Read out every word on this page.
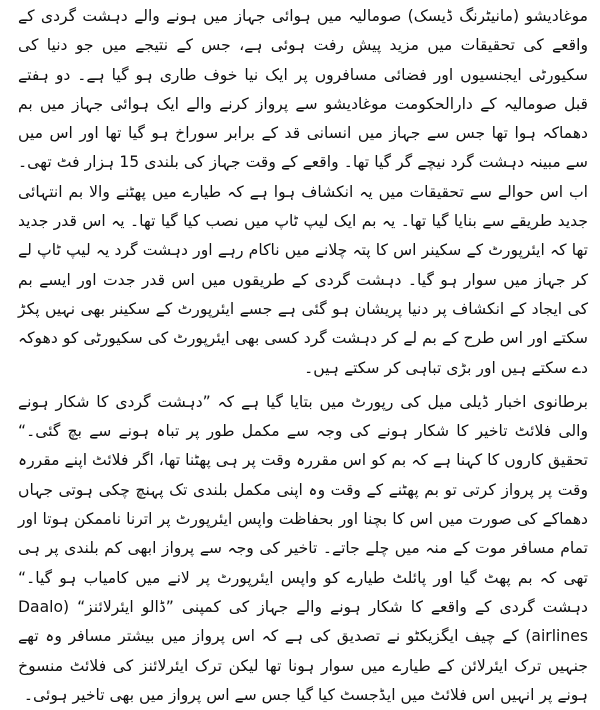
موغادیشو (مانیٹرنگ ڈیسک) صومالیہ میں ہوائی جہاز میں ہونے والے دہشت گردی کے واقعے کی تحقیقات میں مزید پیش رفت ہوئی ہے، جس کے نتیجے میں جو دنیا کی سکیورٹی ایجنسیوں اور فضائی مسافروں پر ایک نیا خوف طاری ہو گیا ہے۔ دو ہفتے قبل صومالیہ کے دارالحکومت موغادیشو سے پرواز کرنے والے ایک ہوائی جہاز میں بم دھماکہ ہوا تھا جس سے جہاز میں انسانی قد کے برابر سوراخ ہو گیا تھا اور اس میں سے مبینہ دہشت گرد نیچے گر گیا تھا۔ واقعے کے وقت جہاز کی بلندی 15 ہزار فٹ تھی۔ اب اس حوالے سے تحقیقات میں یہ انکشاف ہوا ہے کہ طیارے میں پھٹنے والا بم انتہائی جدید طریقے سے بنایا گیا تھا۔ یہ بم ایک لیپ ٹاپ میں نصب کیا گیا تھا۔ یہ اس قدر جدید تھا کہ ایئرپورٹ کے سکینر اس کا پتہ چلانے میں ناکام رہے اور دہشت گرد یہ لیپ ٹاپ لے کر جہاز میں سوار ہو گیا۔ دہشت گردی کے طریقوں میں اس قدر جدت اور ایسے بم کی ایجاد کے انکشاف پر دنیا پریشان ہو گئی ہے جسے ایئرپورٹ کے سکینر بھی نہیں پکڑ سکتے اور اس طرح کے بم لے کر دہشت گرد کسی بھی ایئرپورٹ کی سکیورٹی کو دھوکہ دے سکتے ہیں اور بڑی تباہی کر سکتے ہیں۔

برطانوی اخبار ڈیلی میل کی رپورٹ میں بتایا گیا ہے کہ ”دہشت گردی کا شکار ہونے والی فلائٹ تاخیر کا شکار ہونے کی وجہ سے مکمل طور پر تباہ ہونے سے بچ گئی۔“ تحقیق کاروں کا کہنا ہے کہ بم کو اس مقررہ وقت پر ہی پھٹنا تھا، اگر فلائٹ اپنے مقررہ وقت پر پرواز کرتی تو بم پھٹنے کے وقت وہ اپنی مکمل بلندی تک پہنچ چکی ہوتی جہاں دھماکے کی صورت میں اس کا بچنا اور بحفاظت واپس ایئرپورٹ پر اترنا ناممکن ہوتا اور تمام مسافر موت کے منہ میں چلے جاتے۔ تاخیر کی وجہ سے پرواز ابھی کم بلندی پر ہی تھی کہ بم پھٹ گیا اور پائلٹ طیارے کو واپس ایئرپورٹ پر لانے میں کامیاب ہو گیا۔“ دہشت گردی کے واقعے کا شکار ہونے والے جہاز کی کمپنی ”ڈالو ایئرلائنز“ (Daalo airlines) کے چیف ایگزیکٹو نے تصدیق کی ہے کہ اس پرواز میں بیشتر مسافر وہ تھے جنہیں ترک ایئرلائن کے طیارے میں سوار ہونا تھا لیکن ترک ایئرلائنز کی فلائٹ منسوخ ہونے پر انہیں اس فلائٹ میں ایڈجسٹ کیا گیا جس سے اس پرواز میں بھی تاخیر ہوئی۔
